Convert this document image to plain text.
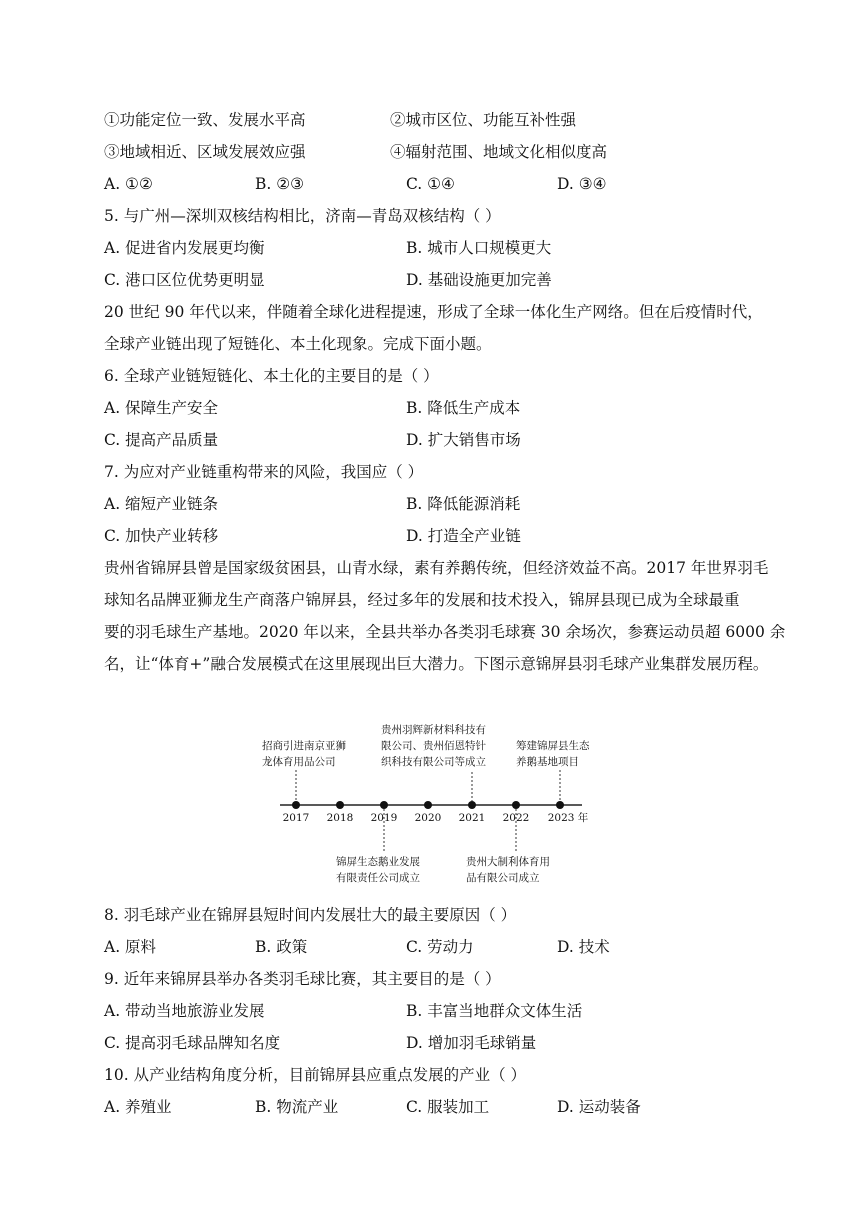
①功能定位一致、发展水平高	②城市区位、功能互补性强
③地域相近、区域发展效应强	④辐射范围、地域文化相似度高
A. ①②	B. ②③	C. ①④	D. ③④
5. 与广州—深圳双核结构相比，济南—青岛双核结构（ ）
A. 促进省内发展更均衡	B. 城市人口规模更大
C. 港口区位优势更明显	D. 基础设施更加完善
20 世纪 90 年代以来，伴随着全球化进程提速，形成了全球一体化生产网络。但在后疫情时代，
全球产业链出现了短链化、本土化现象。完成下面小题。
6. 全球产业链短链化、本土化的主要目的是（ ）
A. 保障生产安全	B. 降低生产成本
C. 提高产品质量	D. 扩大销售市场
7. 为应对产业链重构带来的风险，我国应（ ）
A. 缩短产业链条	B. 降低能源消耗
C. 加快产业转移	D. 打造全产业链
贵州省锦屏县曾是国家级贫困县，山青水绿，素有养鹅传统，但经济效益不高。2017 年世界羽毛
球知名品牌亚狮龙生产商落户锦屏县，经过多年的发展和技术投入，锦屏县现已成为全球最重
要的羽毛球生产基地。2020 年以来，全县共举办各类羽毛球赛 30 余场次，参赛运动员超 6000 余
名，让“体育+”融合发展模式在这里展现出巨大潜力。下图示意锦屏县羽毛球产业集群发展历程。
2017	2018	2019	2020	2021	2022	2023 年
招商引进南京亚狮
龙体育用品公司
贵州羽辉新材料科技有
限公司、贵州佰恩特针
织科技有限公司等成立
筹建锦屏县生态
养鹅基地项目
锦屏生态鹅业发展
有限责任公司成立
贵州大制利体育用
品有限公司成立
8. 羽毛球产业在锦屏县短时间内发展壮大的最主要原因（ ）
A. 原料	B. 政策	C. 劳动力	D. 技术
9. 近年来锦屏县举办各类羽毛球比赛，其主要目的是（ ）
A. 带动当地旅游业发展	B. 丰富当地群众文体生活
C. 提高羽毛球品牌知名度	D. 增加羽毛球销量
10. 从产业结构角度分析，目前锦屏县应重点发展的产业（ ）
A. 养殖业	B. 物流产业	C. 服装加工	D. 运动装备
